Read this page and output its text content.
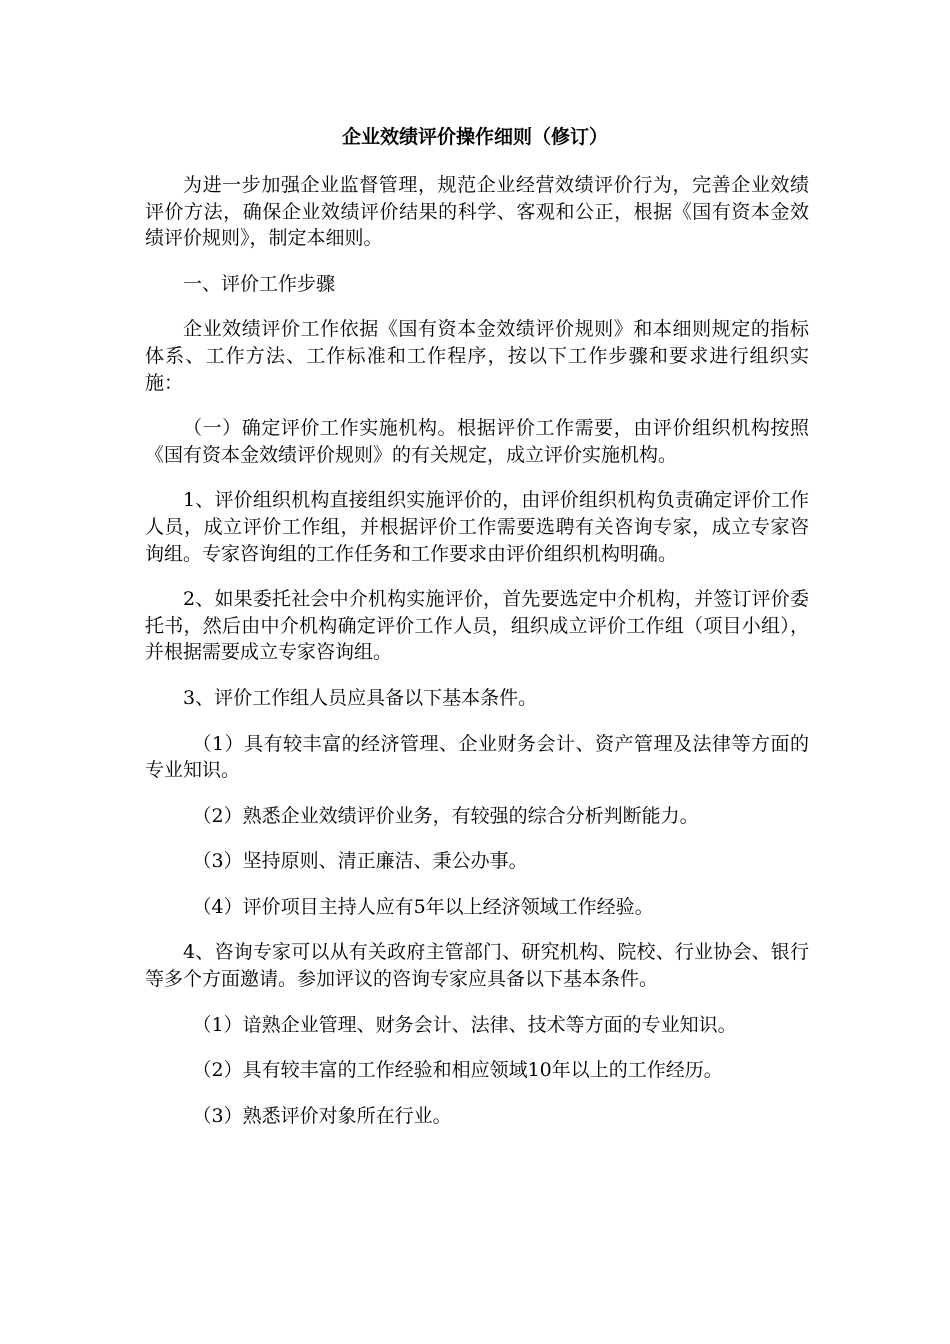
企业效绩评价操作细则（修订）

为进一步加强企业监督管理，规范企业经营效绩评价行为，完善企业效绩评价方法，确保企业效绩评价结果的科学、客观和公正，根据《国有资本金效绩评价规则》，制定本细则。

一、评价工作步骤

企业效绩评价工作依据《国有资本金效绩评价规则》和本细则规定的指标体系、工作方法、工作标准和工作程序，按以下工作步骤和要求进行组织实施：

（一）确定评价工作实施机构。根据评价工作需要，由评价组织机构按照《国有资本金效绩评价规则》的有关规定，成立评价实施机构。

1、评价组织机构直接组织实施评价的，由评价组织机构负责确定评价工作人员，成立评价工作组，并根据评价工作需要选聘有关咨询专家，成立专家咨询组。专家咨询组的工作任务和工作要求由评价组织机构明确。

2、如果委托社会中介机构实施评价，首先要选定中介机构，并签订评价委托书，然后由中介机构确定评价工作人员，组织成立评价工作组（项目小组），并根据需要成立专家咨询组。

3、评价工作组人员应具备以下基本条件。

（1）具有较丰富的经济管理、企业财务会计、资产管理及法律等方面的专业知识。

（2）熟悉企业效绩评价业务，有较强的综合分析判断能力。

（3）坚持原则、清正廉洁、秉公办事。

（4）评价项目主持人应有5年以上经济领域工作经验。

4、咨询专家可以从有关政府主管部门、研究机构、院校、行业协会、银行等多个方面邀请。参加评议的咨询专家应具备以下基本条件。

（1）谙熟企业管理、财务会计、法律、技术等方面的专业知识。

（2）具有较丰富的工作经验和相应领域10年以上的工作经历。

（3）熟悉评价对象所在行业。
